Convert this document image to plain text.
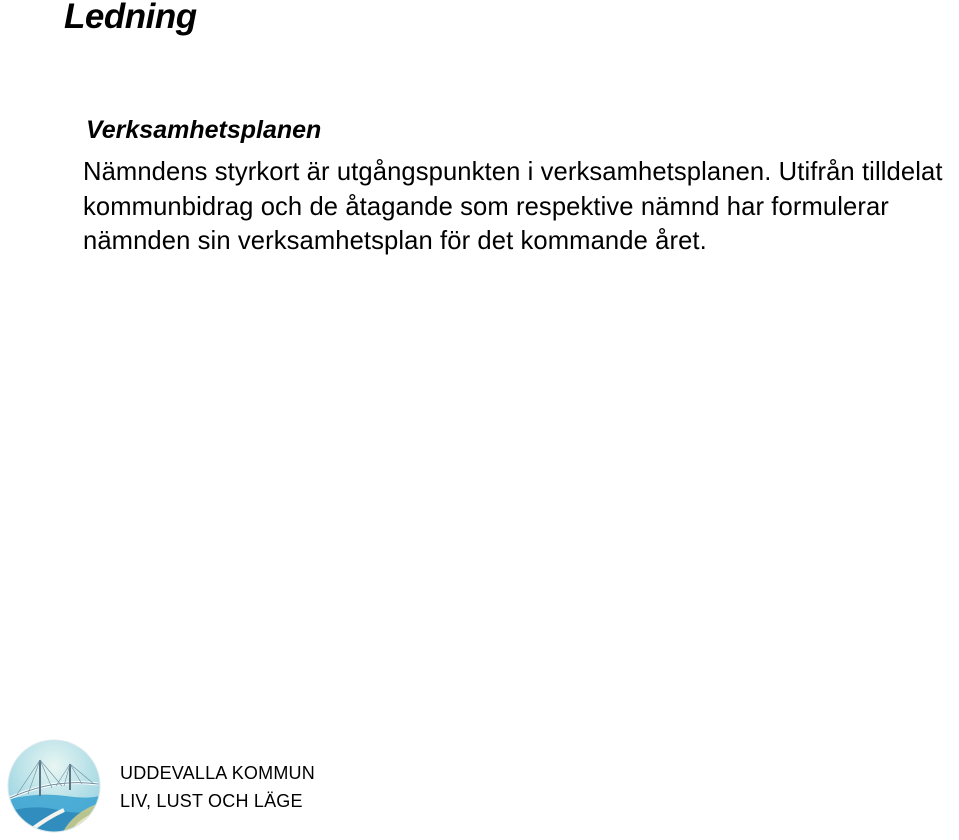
Ledning
Verksamhetsplanen

Nämndens styrkort är utgångspunkten i verksamhetsplanen. Utifrån tilldelat kommunbidrag och de åtagande som respektive nämnd har formulerar nämnden sin verksamhetsplan för det kommande året.

UDDEVALLA KOMMUN
LIV, LUST OCH LÄGE
